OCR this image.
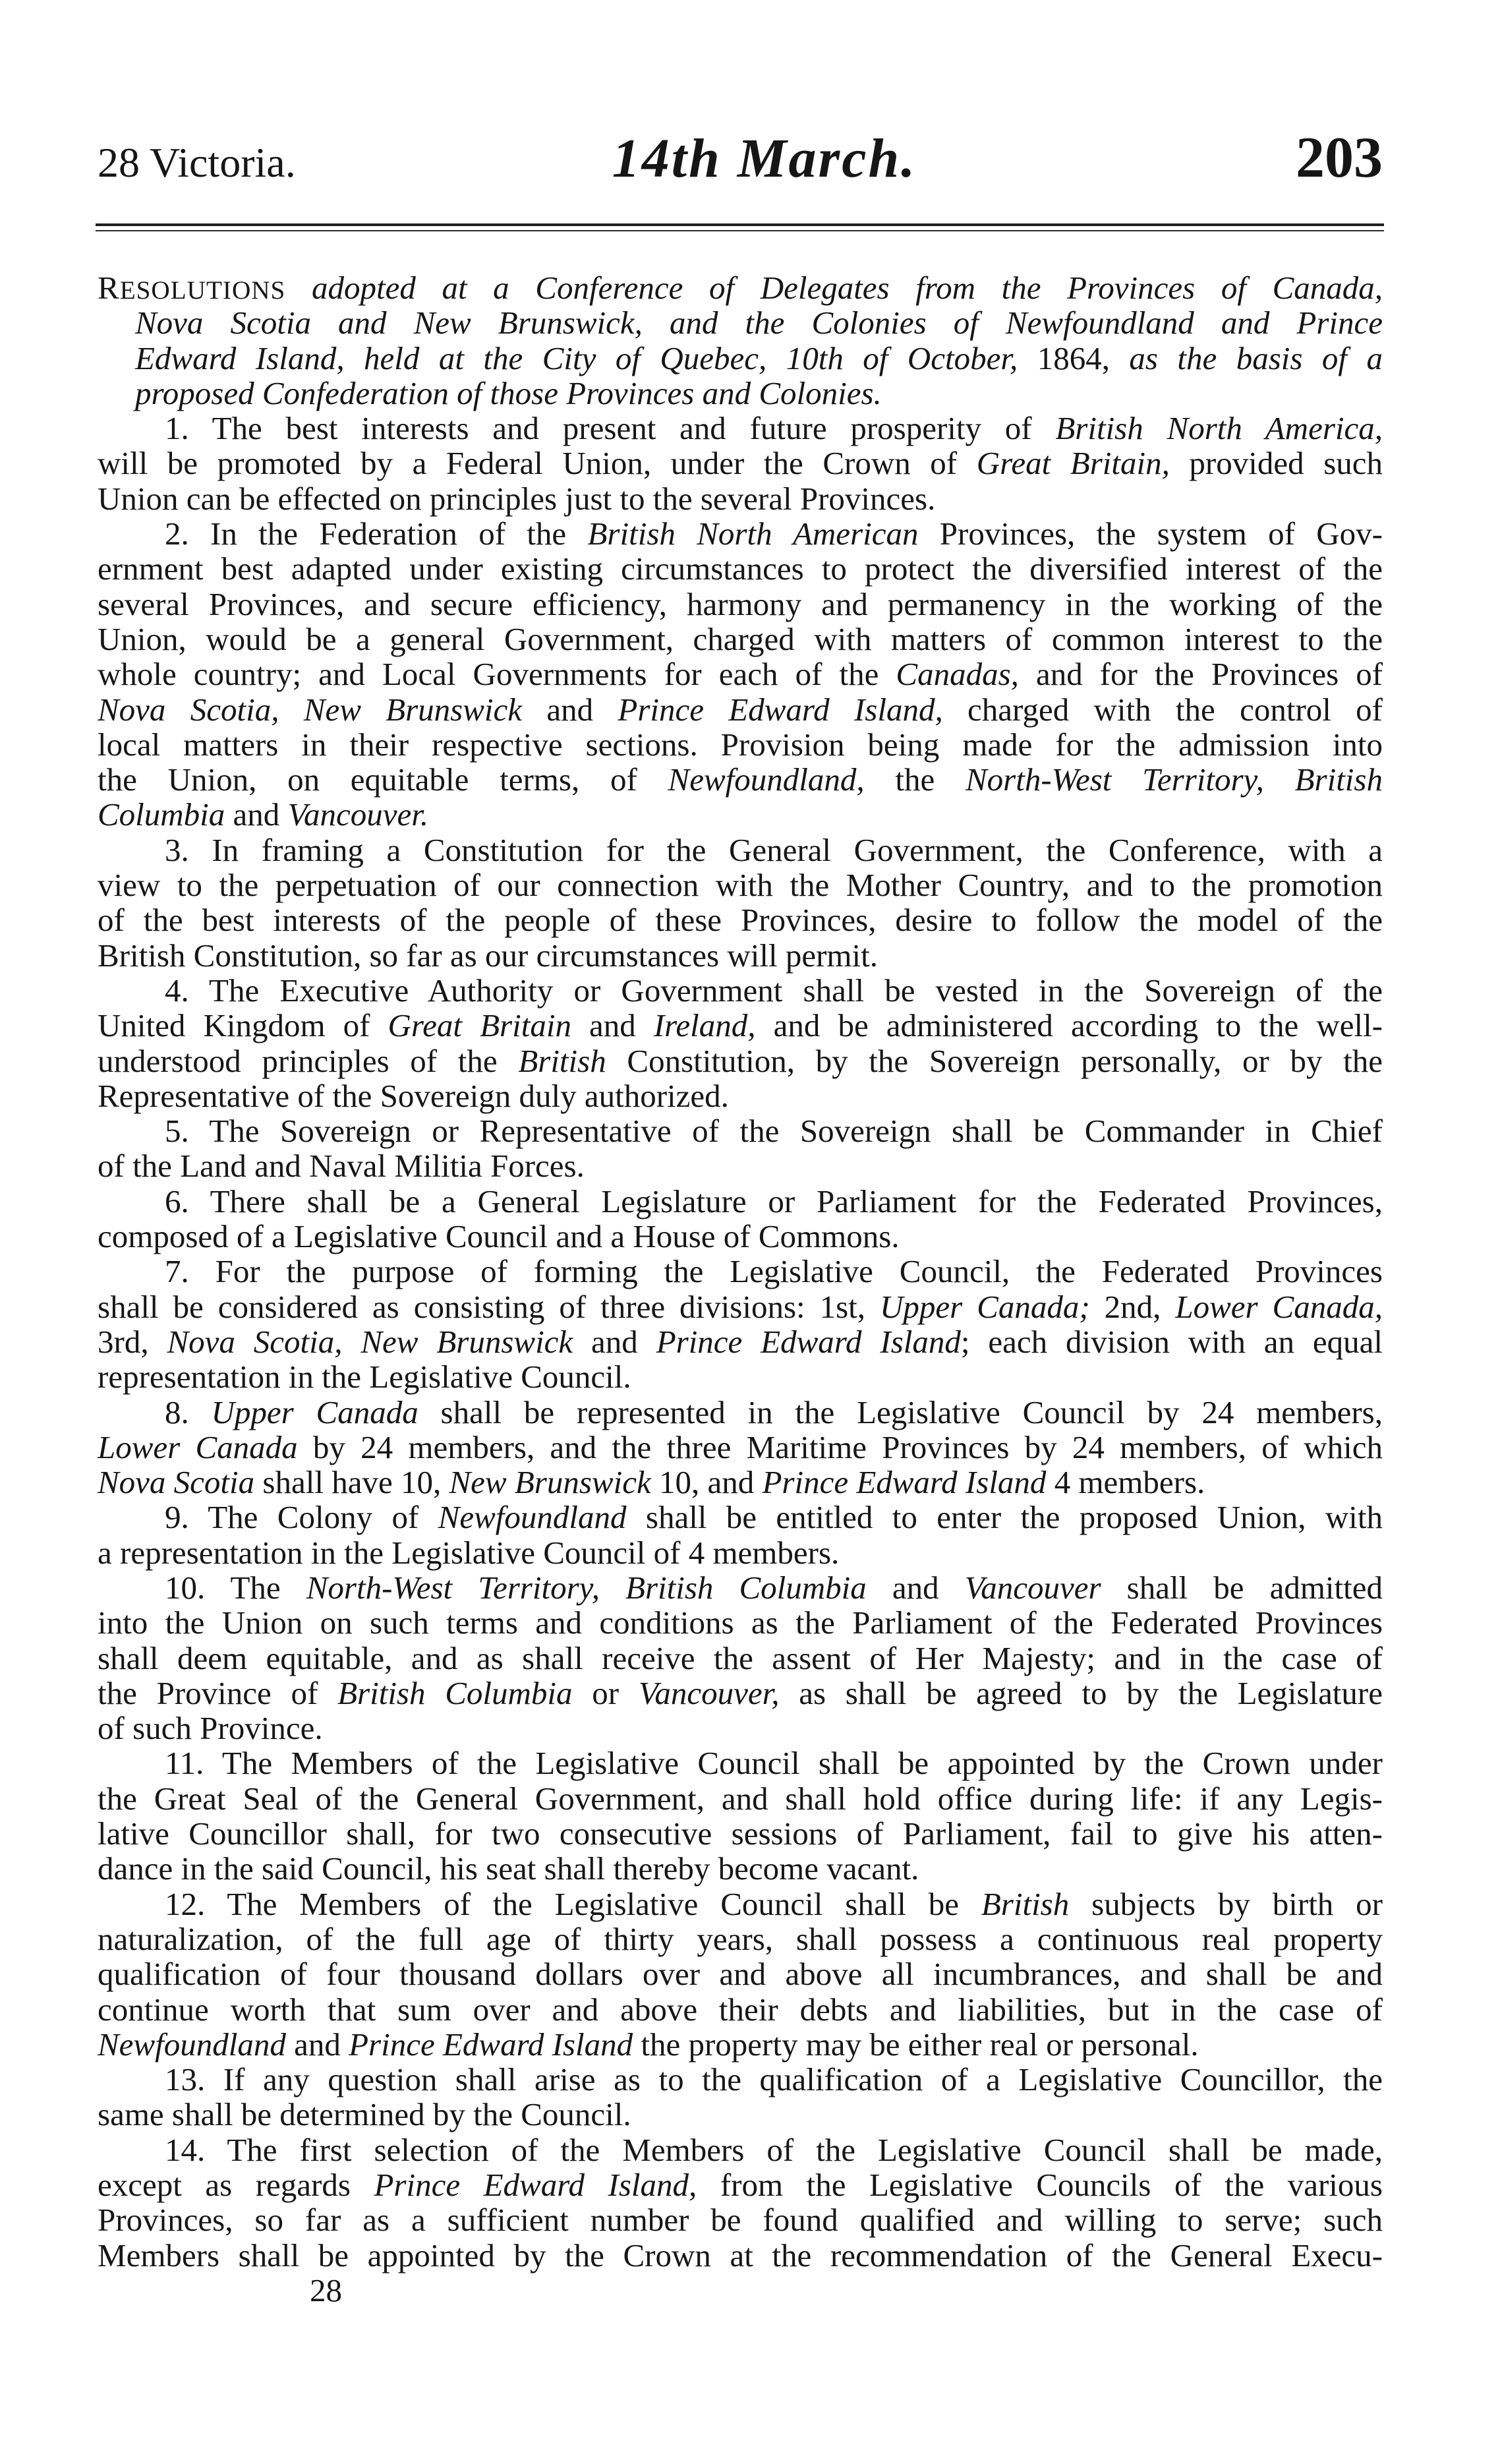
28 Victoria.	14th March.	203
RESOLUTIONS adopted at a Conference of Delegates from the Provinces of Canada,
Nova Scotia and New Brunswick, and the Colonies of Newfoundland and Prince
Edward Island, held at the City of Quebec, 10th of October, 1864, as the basis of a
proposed Confederation of those Provinces and Colonies.
1. The best interests and present and future prosperity of British North America,
will be promoted by a Federal Union, under the Crown of Great Britain, provided such
Union can be effected on principles just to the several Provinces.
2. In the Federation of the British North American Provinces, the system of Gov-
ernment best adapted under existing circumstances to protect the diversified interest of the
several Provinces, and secure efficiency, harmony and permanency in the working of the
Union, would be a general Government, charged with matters of common interest to the
whole country; and Local Governments for each of the Canadas, and for the Provinces of
Nova Scotia, New Brunswick and Prince Edward Island, charged with the control of
local matters in their respective sections. Provision being made for the admission into
the Union, on equitable terms, of Newfoundland, the North-West Territory, British
Columbia and Vancouver.
3. In framing a Constitution for the General Government, the Conference, with a
view to the perpetuation of our connection with the Mother Country, and to the promotion
of the best interests of the people of these Provinces, desire to follow the model of the
British Constitution, so far as our circumstances will permit.
4. The Executive Authority or Government shall be vested in the Sovereign of the
United Kingdom of Great Britain and Ireland, and be administered according to the well-
understood principles of the British Constitution, by the Sovereign personally, or by the
Representative of the Sovereign duly authorized.
5. The Sovereign or Representative of the Sovereign shall be Commander in Chief
of the Land and Naval Militia Forces.
6. There shall be a General Legislature or Parliament for the Federated Provinces,
composed of a Legislative Council and a House of Commons.
7. For the purpose of forming the Legislative Council, the Federated Provinces
shall be considered as consisting of three divisions: 1st, Upper Canada; 2nd, Lower Canada,
3rd, Nova Scotia, New Brunswick and Prince Edward Island; each division with an equal
representation in the Legislative Council.
8. Upper Canada shall be represented in the Legislative Council by 24 members,
Lower Canada by 24 members, and the three Maritime Provinces by 24 members, of which
Nova Scotia shall have 10, New Brunswick 10, and Prince Edward Island 4 members.
9. The Colony of Newfoundland shall be entitled to enter the proposed Union, with
a representation in the Legislative Council of 4 members.
10. The North-West Territory, British Columbia and Vancouver shall be admitted
into the Union on such terms and conditions as the Parliament of the Federated Provinces
shall deem equitable, and as shall receive the assent of Her Majesty; and in the case of
the Province of British Columbia or Vancouver, as shall be agreed to by the Legislature
of such Province.
11. The Members of the Legislative Council shall be appointed by the Crown under
the Great Seal of the General Government, and shall hold office during life: if any Legis-
lative Councillor shall, for two consecutive sessions of Parliament, fail to give his atten-
dance in the said Council, his seat shall thereby become vacant.
12. The Members of the Legislative Council shall be British subjects by birth or
naturalization, of the full age of thirty years, shall possess a continuous real property
qualification of four thousand dollars over and above all incumbrances, and shall be and
continue worth that sum over and above their debts and liabilities, but in the case of
Newfoundland and Prince Edward Island the property may be either real or personal.
13. If any question shall arise as to the qualification of a Legislative Councillor, the
same shall be determined by the Council.
14. The first selection of the Members of the Legislative Council shall be made,
except as regards Prince Edward Island, from the Legislative Councils of the various
Provinces, so far as a sufficient number be found qualified and willing to serve; such
Members shall be appointed by the Crown at the recommendation of the General Execu-
28
